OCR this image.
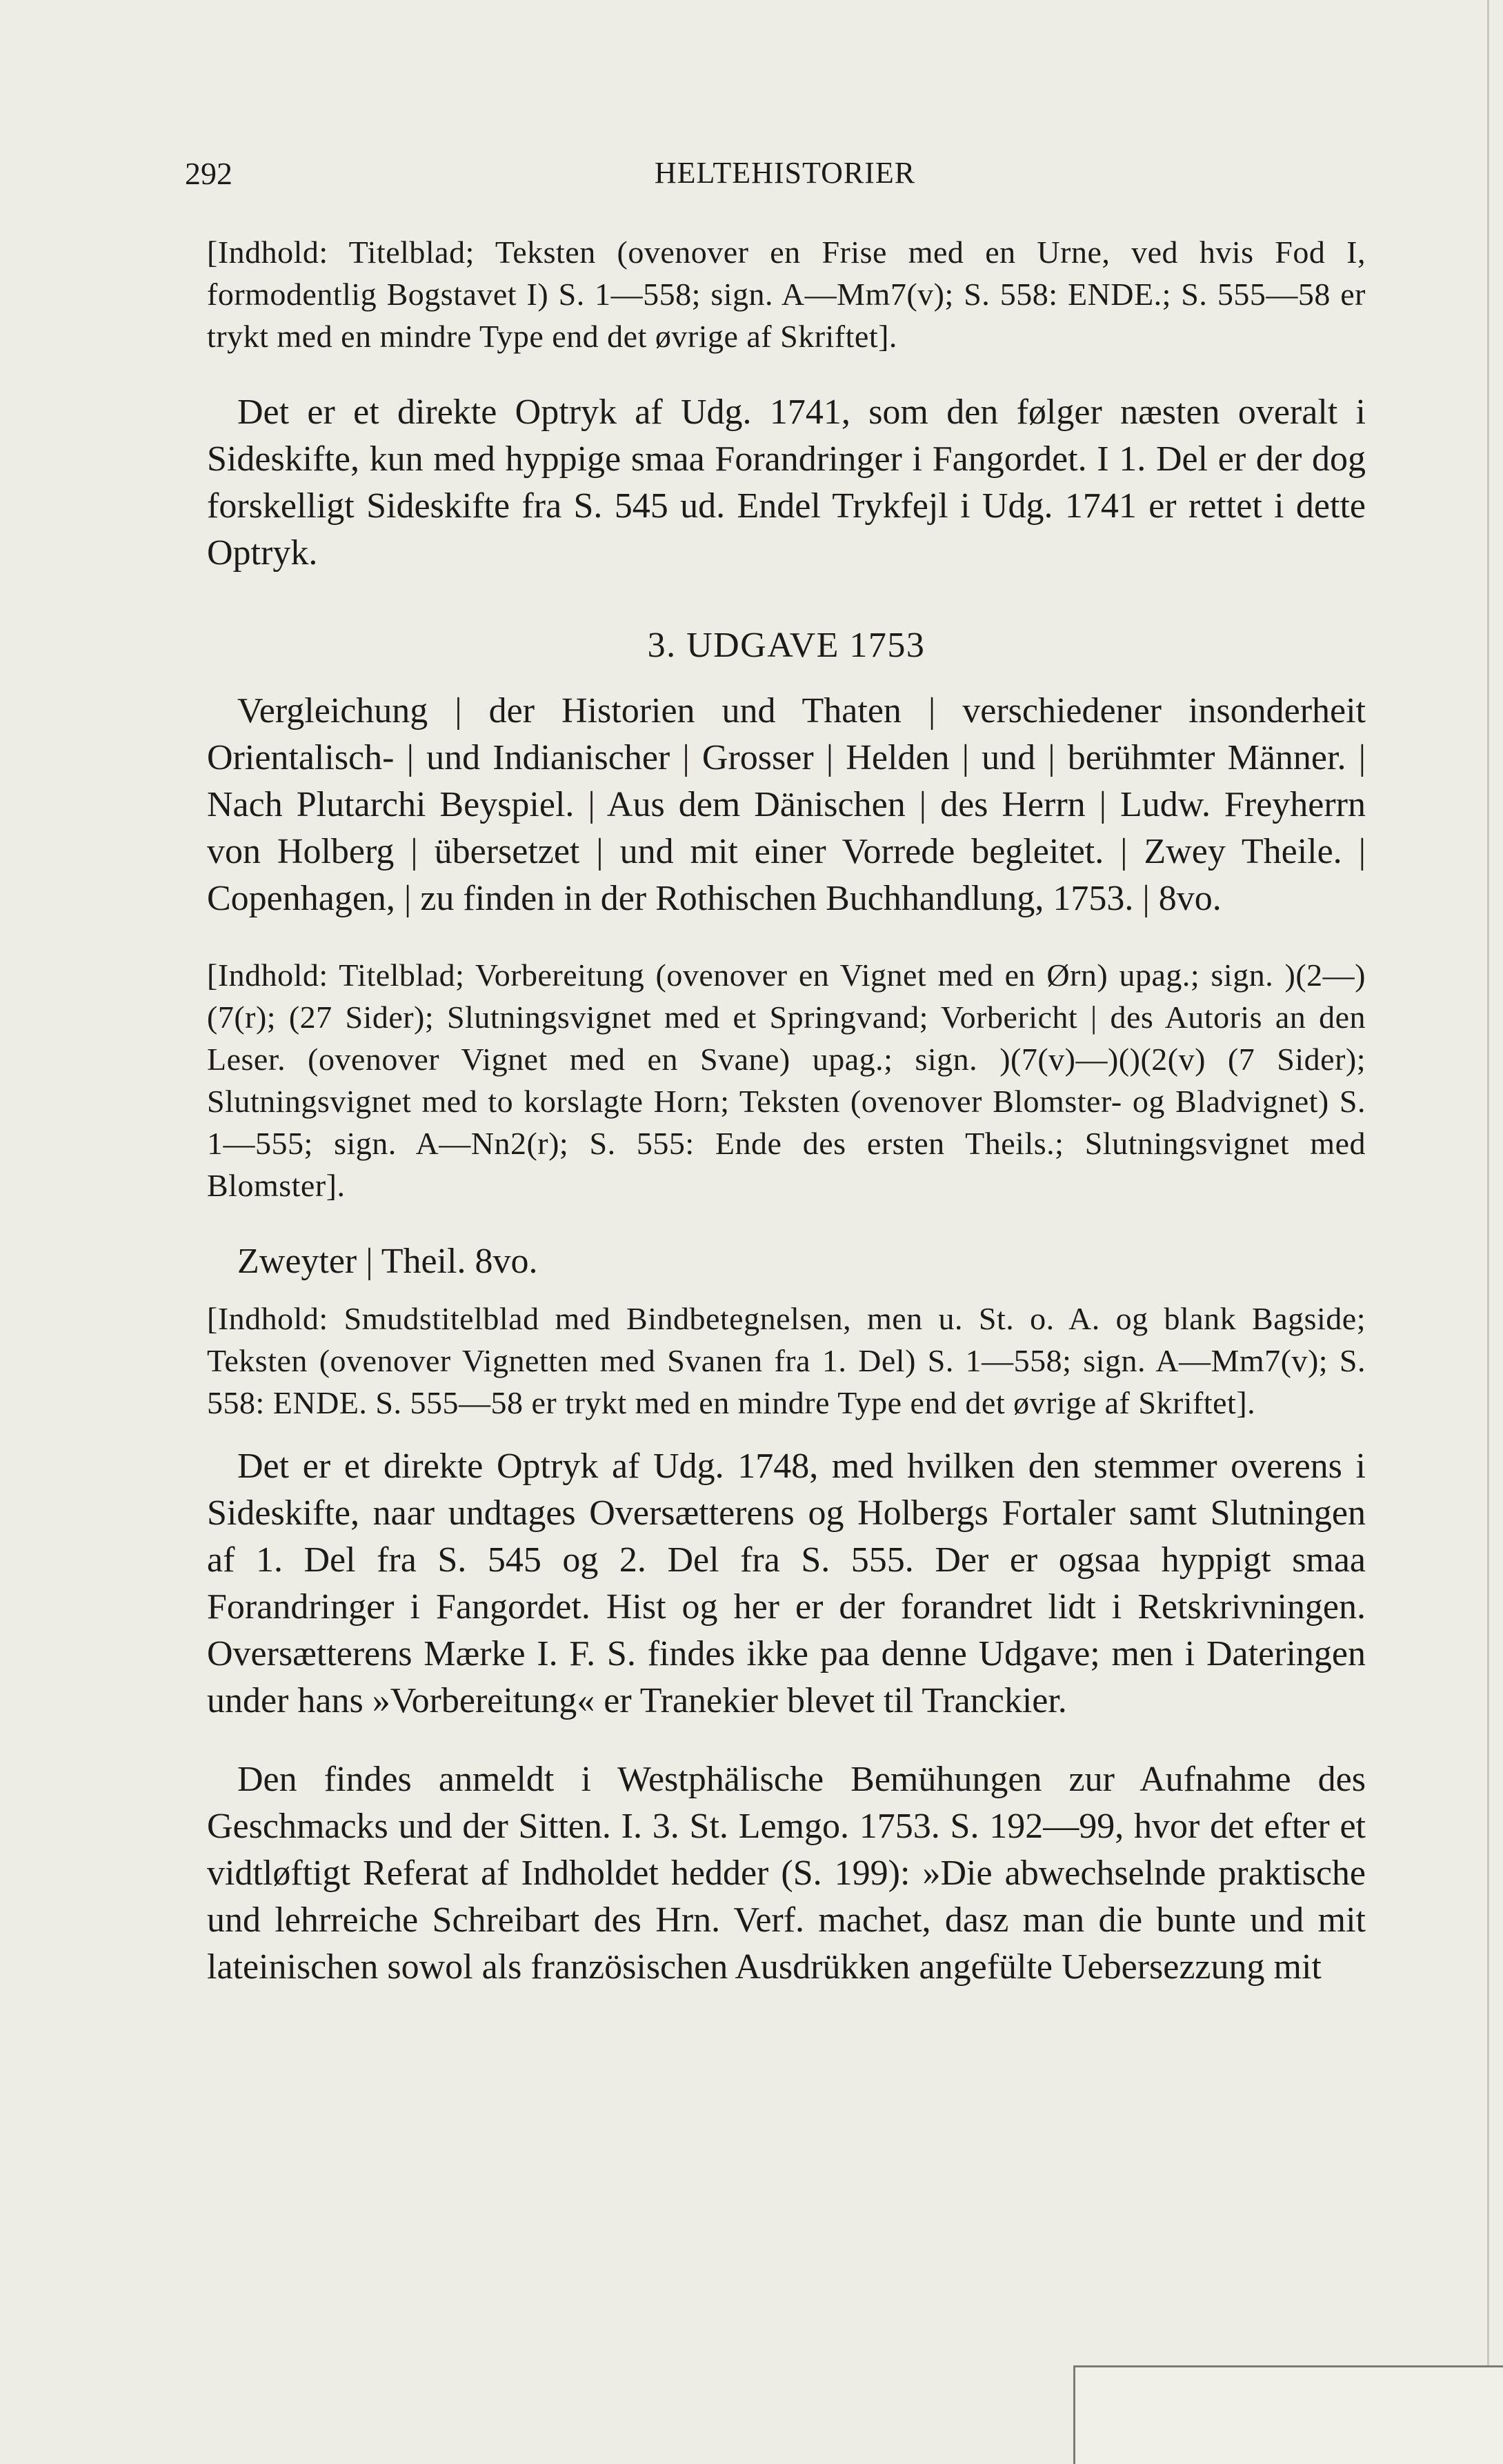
292	HELTEHISTORIER
[Indhold: Titelblad; Teksten (ovenover en Frise med en Urne, ved hvis Fod I, formodentlig Bogstavet I) S. 1—558; sign. A—Mm7(v); S. 558: ENDE.; S. 555—58 er trykt med en mindre Type end det øvrige af Skriftet].
Det er et direkte Optryk af Udg. 1741, som den følger næsten overalt i Sideskifte, kun med hyppige smaa Forandringer i Fangordet. I 1. Del er der dog forskelligt Sideskifte fra S. 545 ud. Endel Trykfejl i Udg. 1741 er rettet i dette Optryk.
3. UDGAVE 1753
Vergleichung | der Historien und Thaten | verschiedener insonderheit Orientalisch- | und Indianischer | Grosser | Helden | und | berühmter Männer. | Nach Plutarchi Beyspiel. | Aus dem Dänischen | des Herrn | Ludw. Freyherrn von Holberg | übersetzet | und mit einer Vorrede begleitet. | Zwey Theile. | Copenhagen, | zu finden in der Rothischen Buchhandlung, 1753. | 8vo.
[Indhold: Titelblad; Vorbereitung (ovenover en Vignet med en Ørn) upag.; sign. )(2—)(7(r); (27 Sider); Slutningsvignet med et Springvand; Vorbericht | des Autoris an den Leser. (ovenover Vignet med en Svane) upag.; sign. )(7(v)—)()(2(v) (7 Sider); Slutningsvignet med to korslagte Horn; Teksten (ovenover Blomster- og Bladvignet) S. 1—555; sign. A—Nn2(r); S. 555: Ende des ersten Theils.; Slutningsvignet med Blomster].
Zweyter | Theil. 8vo.
[Indhold: Smudstitelblad med Bindbetegnelsen, men u. St. o. A. og blank Bagside; Teksten (ovenover Vignetten med Svanen fra 1. Del) S. 1—558; sign. A—Mm7(v); S. 558: ENDE. S. 555—58 er trykt med en mindre Type end det øvrige af Skriftet].
Det er et direkte Optryk af Udg. 1748, med hvilken den stemmer overens i Sideskifte, naar undtages Oversætterens og Holbergs Fortaler samt Slutningen af 1. Del fra S. 545 og 2. Del fra S. 555. Der er ogsaa hyppigt smaa Forandringer i Fangordet. Hist og her er der forandret lidt i Retskrivningen. Oversætterens Mærke I. F. S. findes ikke paa denne Udgave; men i Dateringen under hans »Vorbereitung« er Tranekier blevet til Tranckier.
Den findes anmeldt i Westphälische Bemühungen zur Aufnahme des Geschmacks und der Sitten. I. 3. St. Lemgo. 1753. S. 192—99, hvor det efter et vidtløftigt Referat af Indholdet hedder (S. 199): »Die abwechselnde praktische und lehrreiche Schreibart des Hrn. Verf. machet, dasz man die bunte und mit lateinischen sowol als französischen Ausdrükken angefülte Uebersezzung mit
